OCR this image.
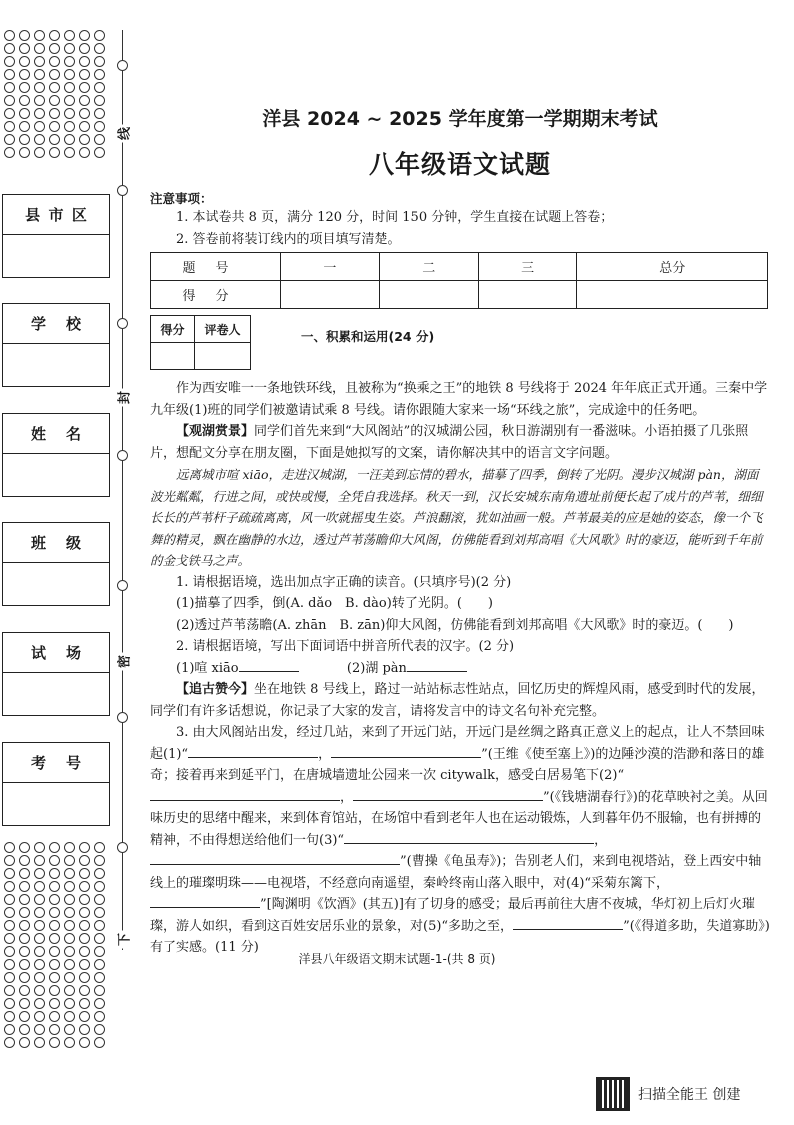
县 市 区
学 校
姓 名
班 级
试 场
考 号
线
封
密
下
洋县 2024 ~ 2025 学年度第一学期期末考试
八年级语文试题
注意事项：
1. 本试卷共 8 页，满分 120 分，时间 150 分钟，学生直接在试题上答卷；
2. 答卷前将装订线内的项目填写清楚。
题号	一	二	三	总分
得分				
得分	评卷人
		一、积累和运用(24 分)
作为西安唯一一条地铁环线，且被称为“换乘之王”的地铁 8 号线将于 2024 年年底正式开通。三秦中学九年级(1)班的同学们被邀请试乘 8 号线。请你跟随大家来一场“环线之旅”，完成途中的任务吧。
【观湖赏景】同学们首先来到“大风阁站”的汉城湖公园，秋日游湖别有一番滋味。小语拍摄了几张照片，想配文分享在朋友圈，下面是她拟写的文案，请你解决其中的语言文字问题。
远离城市喧 xiāo，走进汉城湖，一汪美到忘情的碧水，描摹了四季，倒转了光阴。漫步汉城湖 pàn，湖面波光粼粼，行进之间，或快或慢，全凭自我选择。秋天一到，汉长安城东南角遗址前便长起了成片的芦苇，细细长长的芦苇杆子疏疏离离，风一吹就摇曳生姿。芦浪翻滚，犹如油画一般。芦苇最美的应是她的姿态，像一个飞舞的精灵，飘在幽静的水边，透过芦苇荡瞻仰大风阁，仿佛能看到刘邦高唱《大风歌》时的豪迈，能听到千年前的金戈铁马之声。
1. 请根据语境，选出加点字正确的读音。(只填序号)(2 分)
(1)描摹了四季，倒(A. dǎo　B. dào)转了光阴。(　　)
(2)透过芦苇荡瞻(A. zhān　B. zān)仰大风阁，仿佛能看到刘邦高唱《大风歌》时的豪迈。(　　)
2. 请根据语境，写出下面词语中拼音所代表的汉字。(2 分)
(1)喧 xiāo	(2)湖 pàn
【追古赞今】坐在地铁 8 号线上，路过一站站标志性站点，回忆历史的辉煌风雨，感受到时代的发展，同学们有许多话想说，你记录了大家的发言，请将发言中的诗文名句补充完整。
3. 由大风阁站出发，经过几站，来到了开远门站，开远门是丝绸之路真正意义上的起点，让人不禁回味起(1)“	，	”(王维《使至塞上》)的边陲沙漠的浩渺和落日的雄奇；接着再来到延平门，在唐城墙遗址公园来一次 citywalk，感受白居易笔下(2)“，	”(《钱塘湖春行》)的花草映衬之美。从回味历史的思绪中醒来，来到体育馆站，在场馆中看到老年人也在运动锻炼，人到暮年仍不服输，也有拼搏的精神，不由得想送给他们一句(3)“	，”(曹操《龟虽寿》)；告别老人们，来到电视塔站，登上西安中轴线上的璀璨明珠——电视塔，不经意向南遥望，秦岭终南山落入眼中，对(4)“采菊东篱下，”[陶渊明《饮酒》(其五)]有了切身的感受；最后再前往大唐不夜城，华灯初上后灯火璀璨，游人如织，看到这百姓安居乐业的景象，对(5)“多助之至，	”(《得道多助，失道寡助》)有了实感。(11 分)
洋县八年级语文期末试题-1-(共 8 页)
扫描全能王 创建
